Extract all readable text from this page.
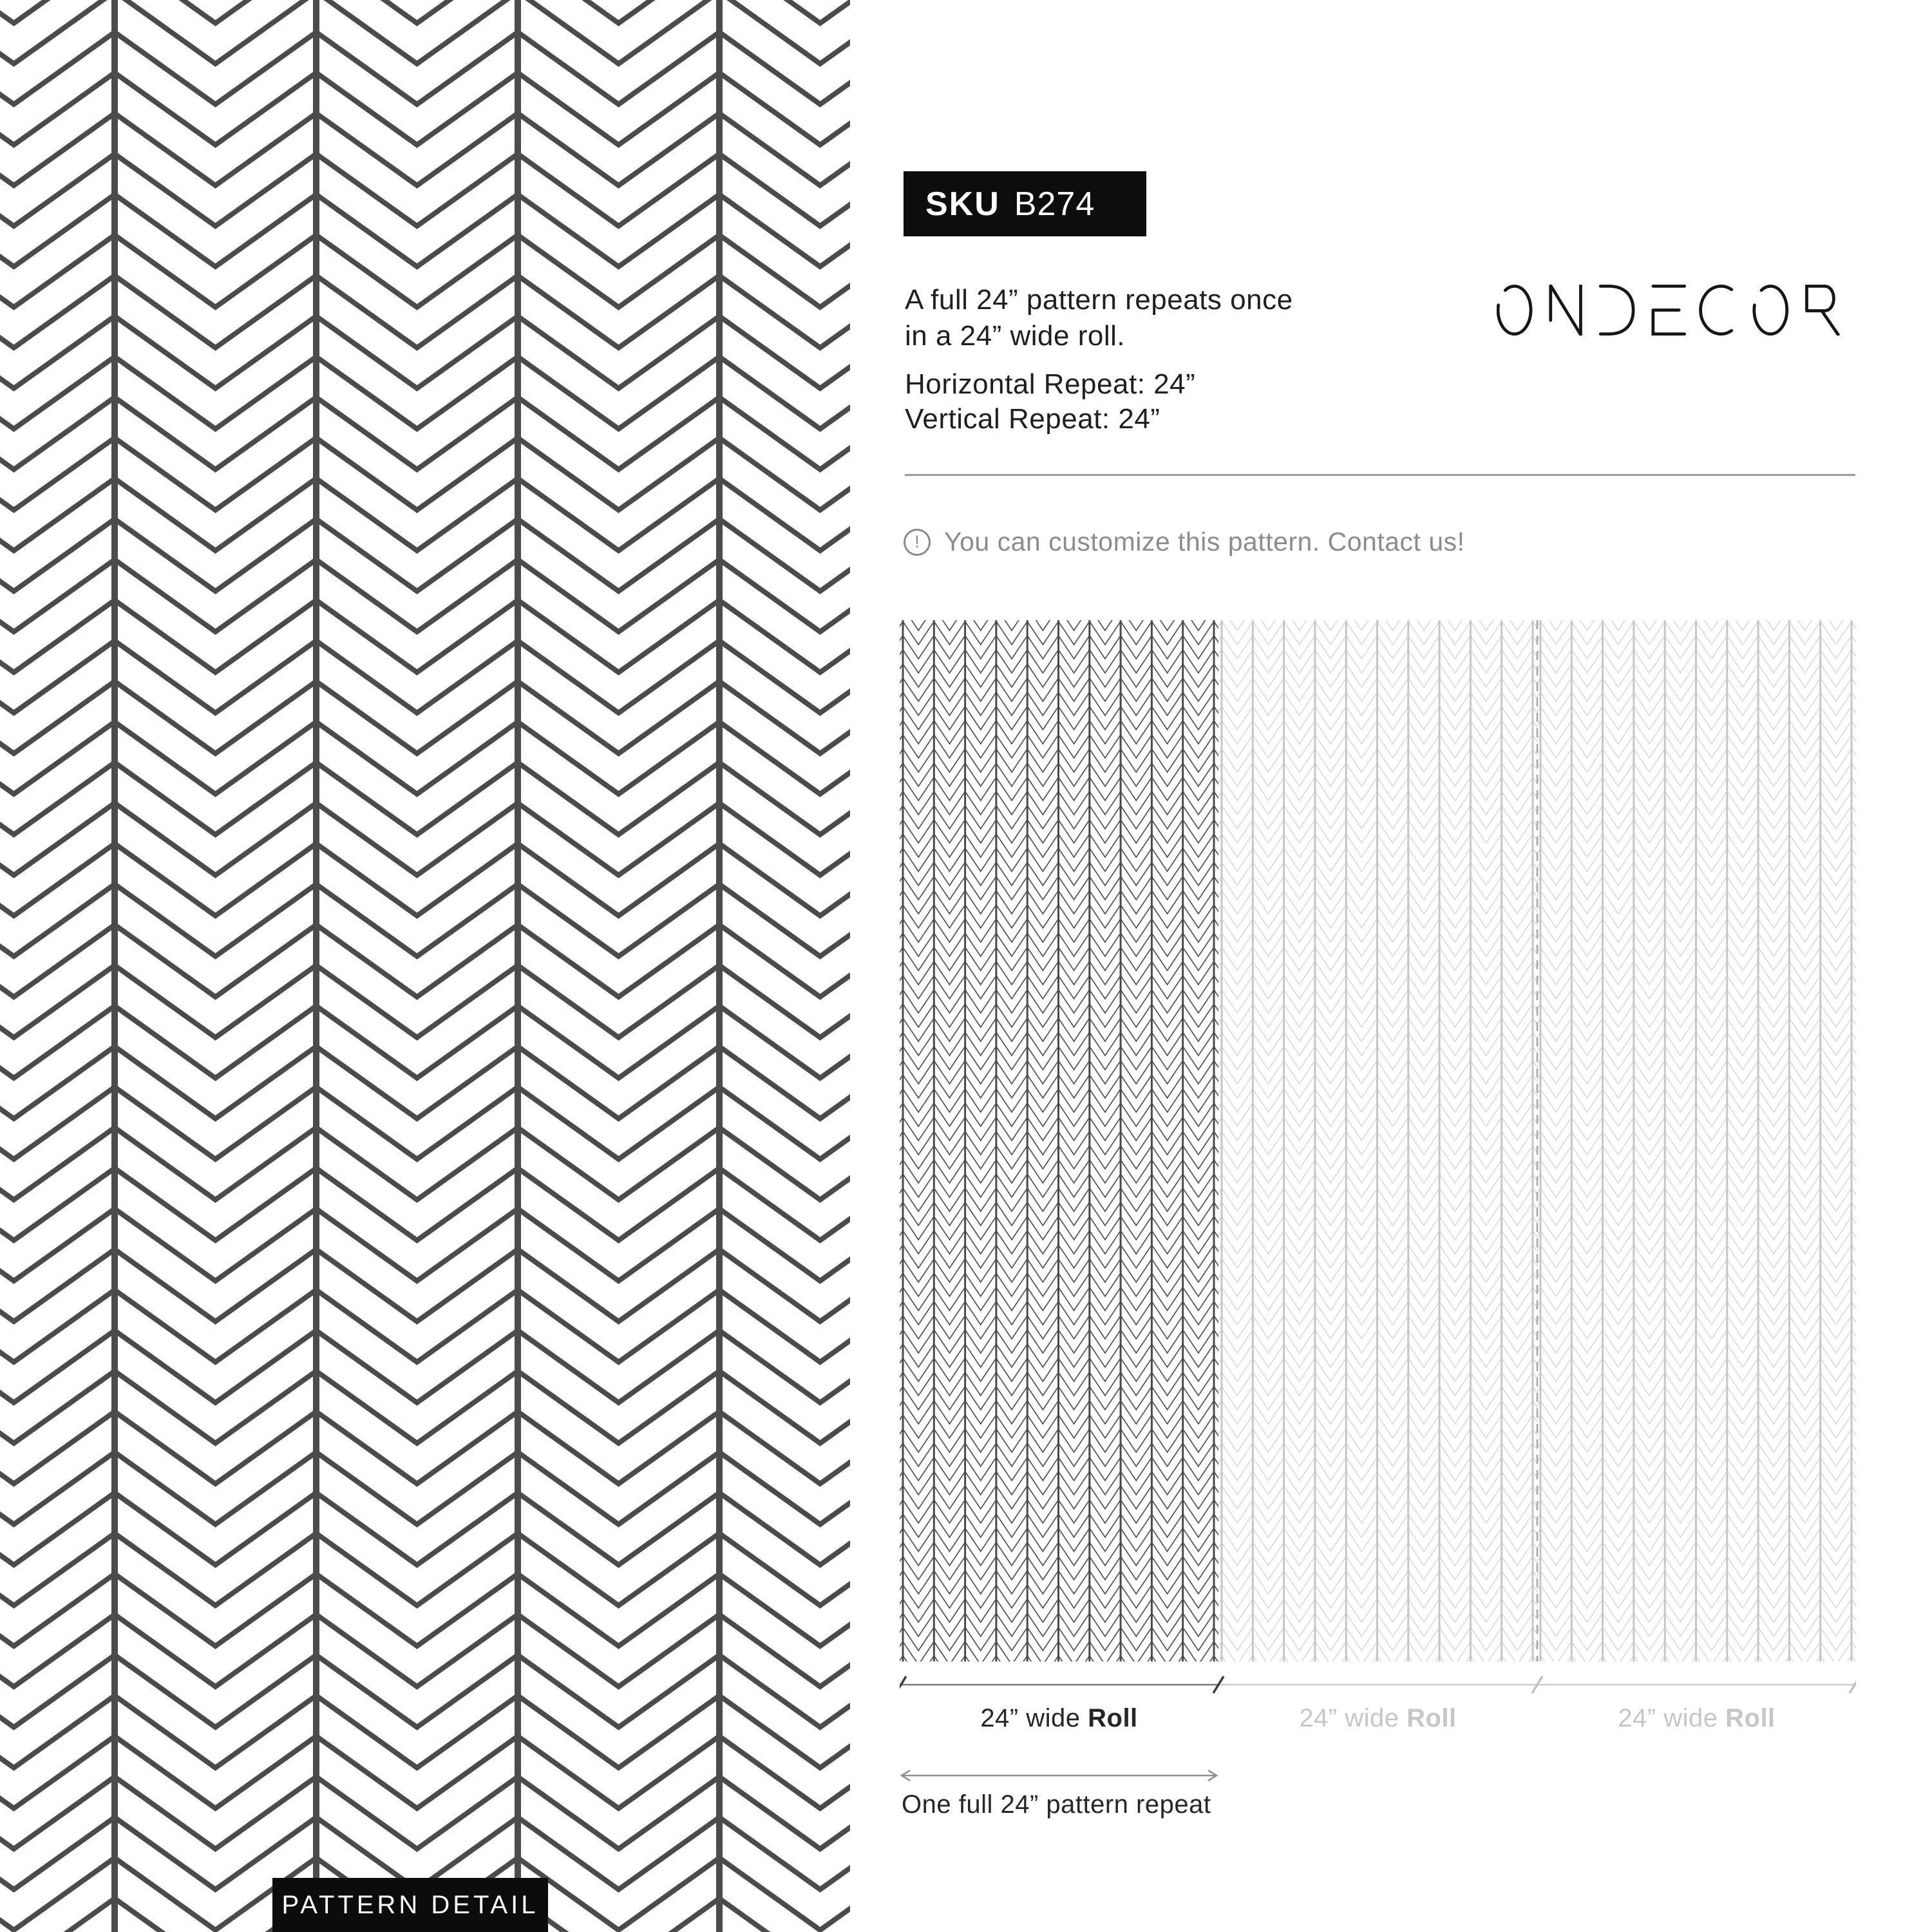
PATTERN DETAIL
SKU B274
A full 24” pattern repeats once
in a 24” wide roll.
Horizontal Repeat: 24”
Vertical Repeat: 24”
! You can customize this pattern. Contact us!
24” wide Roll	24” wide Roll	24” wide Roll
One full 24” pattern repeat
